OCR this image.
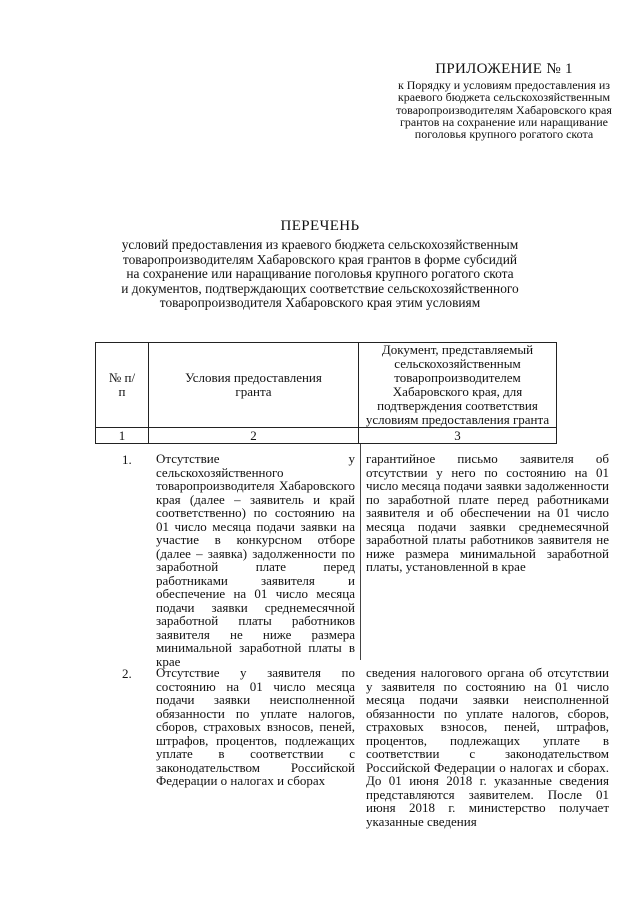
ПРИЛОЖЕНИЕ № 1
к Порядку и условиям предоставления из краевого бюджета сельскохозяйственным товаропроизводителям Хабаровского края грантов на сохранение или наращивание поголовья крупного рогатого скота
ПЕРЕЧЕНЬ
условий предоставления из краевого бюджета сельскохозяйственным
товаропроизводителям Хабаровского края грантов в форме субсидий
на сохранение или наращивание поголовья крупного рогатого скота
и документов, подтверждающих соответствие сельскохозяйственного
товаропроизводителя Хабаровского края этим условиям
№ п/п
Условия предоставления гранта
Документ, представляемый сельскохозяйственным товаропроизводителем Хабаровского края, для подтверждения соответствия условиям предоставления гранта
1	2	3
1. Отсутствие у сельскохозяйственного товаропроизводителя Хабаровского края (далее – заявитель и край соответственно) по состоянию на 01 число месяца подачи заявки на участие в конкурсном отборе (далее – заявка) задолженности по заработной плате перед работниками заявителя и обеспечение на 01 число месяца подачи заявки среднемесячной заработной платы работников заявителя не ниже размера минимальной заработной платы в крае
гарантийное письмо заявителя об отсутствии у него по состоянию на 01 число месяца подачи заявки задолженности по заработной плате перед работниками заявителя и об обеспечении на 01 число месяца подачи заявки среднемесячной заработной платы работников заявителя не ниже размера минимальной заработной платы, установленной в крае
2. Отсутствие у заявителя по состоянию на 01 число месяца подачи заявки неисполненной обязанности по уплате налогов, сборов, страховых взносов, пеней, штрафов, процентов, подлежащих уплате в соответствии с законодательством Российской Федерации о налогах и сборах
сведения налогового органа об отсутствии у заявителя по состоянию на 01 число месяца подачи заявки неисполненной обязанности по уплате налогов, сборов, страховых взносов, пеней, штрафов, процентов, подлежащих уплате в соответствии с законодательством Российской Федерации о налогах и сборах. До 01 июня 2018 г. указанные сведения представляются заявителем. После 01 июня 2018 г. министерство получает указанные сведения
